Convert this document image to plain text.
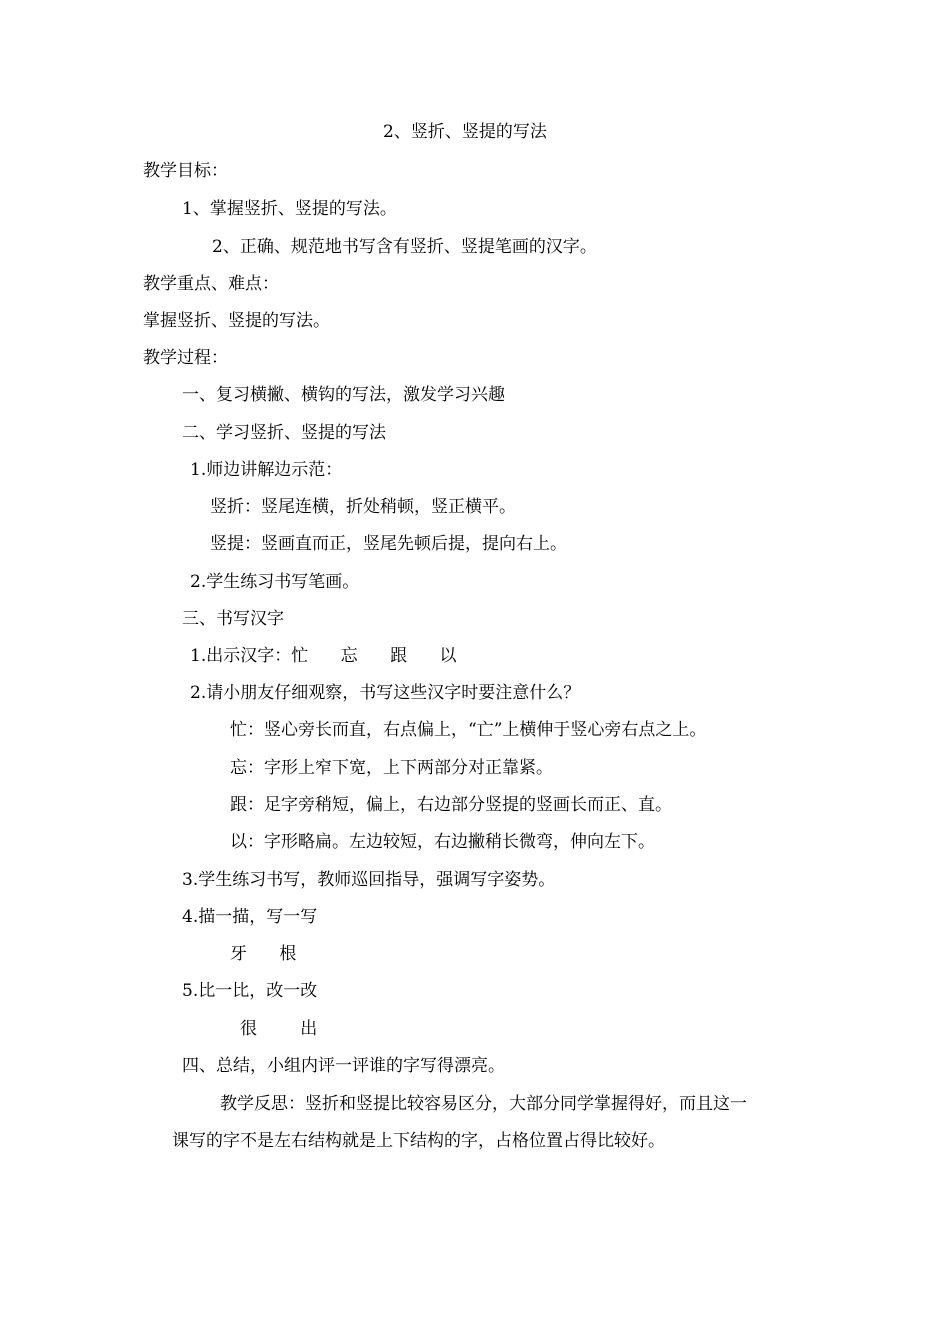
2、竖折、竖提的写法
教学目标：
1、掌握竖折、竖提的写法。
2、正确、规范地书写含有竖折、竖提笔画的汉字。
教学重点、难点：
掌握竖折、竖提的写法。
教学过程：
一、复习横撇、横钩的写法，激发学习兴趣
二、学习竖折、竖提的写法
1.师边讲解边示范：
竖折：竖尾连横，折处稍顿，竖正横平。
竖提：竖画直而正，竖尾先顿后提，提向右上。
2.学生练习书写笔画。
三、书写汉字
1.出示汉字：忙      忘      跟      以
2.请小朋友仔细观察，书写这些汉字时要注意什么？
忙：竖心旁长而直，右点偏上，“亡”上横伸于竖心旁右点之上。
忘：字形上窄下宽，上下两部分对正靠紧。
跟：足字旁稍短，偏上，右边部分竖提的竖画长而正、直。
以：字形略扁。左边较短，右边撇稍长微弯，伸向左下。
3.学生练习书写，教师巡回指导，强调写字姿势。
4.描一描，写一写
牙      根
5.比一比，改一改
很        出
四、总结，小组内评一评谁的字写得漂亮。
教学反思：竖折和竖提比较容易区分，大部分同学掌握得好，而且这一
课写的字不是左右结构就是上下结构的字，占格位置占得比较好。
